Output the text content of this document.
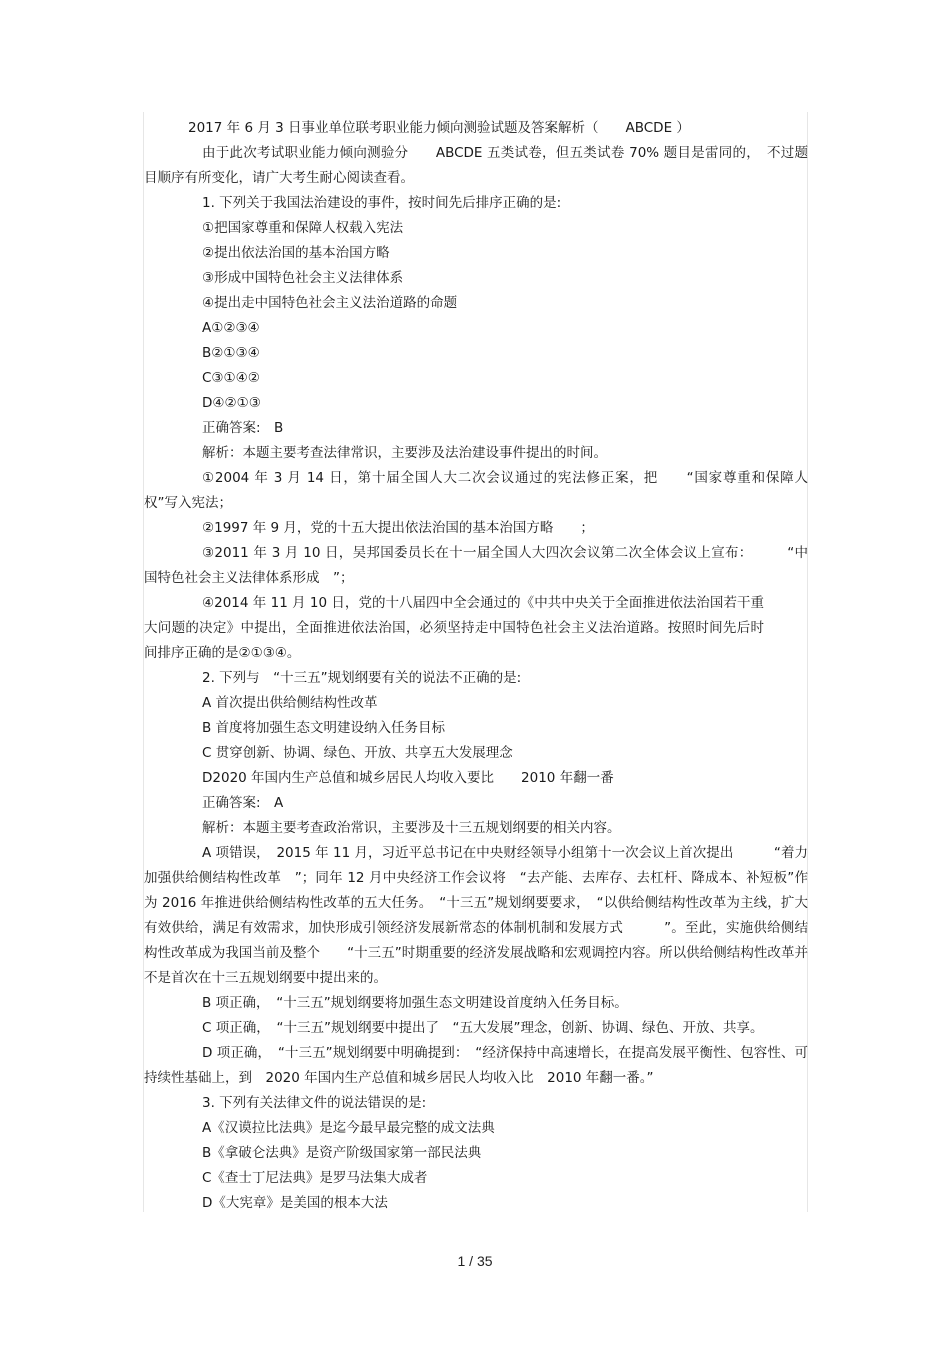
2017 年 6 月 3 日事业单位联考职业能力倾向测验试题及答案解析（　　ABCDE ）
由于此次考试职业能力倾向测验分　　ABCDE 五类试卷，但五类试卷 70% 题目是雷同的，　不过题目顺序有所变化，请广大考生耐心阅读查看。
1. 下列关于我国法治建设的事件，按时间先后排序正确的是:
①把国家尊重和保障人权载入宪法
②提出依法治国的基本治国方略
③形成中国特色社会主义法律体系
④提出走中国特色社会主义法治道路的命题
A①②③④
B②①③④
C③①④②
D④②①③
正确答案:　B
解析：本题主要考查法律常识，主要涉及法治建设事件提出的时间。
①2004 年 3 月 14 日，第十届全国人大二次会议通过的宪法修正案，把　　“国家尊重和保障人权”写入宪法；
②1997 年 9 月，党的十五大提出依法治国的基本治国方略　　；
③2011 年 3 月 10 日，吴邦国委员长在十一届全国人大四次会议第二次全体会议上宣布：　　　“中国特色社会主义法律体系形成　”；
④2014 年 11 月 10 日，党的十八届四中全会通过的《中共中央关于全面推进依法治国若干重大问题的决定》中提出，全面推进依法治国，必须坚持走中国特色社会主义法治道路。按照时间先后时间排序正确的是②①③④。
2. 下列与　“十三五”规划纲要有关的说法不正确的是:
A 首次提出供给侧结构性改革
B 首度将加强生态文明建设纳入任务目标
C 贯穿创新、协调、绿色、开放、共享五大发展理念
D2020 年国内生产总值和城乡居民人均收入要比　　2010 年翻一番
正确答案:　A
解析：本题主要考查政治常识，主要涉及十三五规划纲要的相关内容。
A 项错误，　2015 年 11 月，习近平总书记在中央财经领导小组第十一次会议上首次提出　　　“着力加强供给侧结构性改革　”；同年 12 月中央经济工作会议将　“去产能、去库存、去杠杆、降成本、补短板”作为 2016 年推进供给侧结构性改革的五大任务。　“十三五”规划纲要要求，　“以供给侧结构性改革为主线，扩大有效供给，满足有效需求，加快形成引领经济发展新常态的体制机制和发展方式　　　”。至此，实施供给侧结构性改革成为我国当前及整个　　“十三五”时期重要的经济发展战略和宏观调控内容。所以供给侧结构性改革并不是首次在十三五规划纲要中提出来的。
B 项正确，　“十三五”规划纲要将加强生态文明建设首度纳入任务目标。
C 项正确，　“十三五”规划纲要中提出了　“五大发展”理念，创新、协调、绿色、开放、共享。
D 项正确，　“十三五”规划纲要中明确提到：　“经济保持中高速增长，在提高发展平衡性、包容性、可持续性基础上，到　2020 年国内生产总值和城乡居民人均收入比　2010 年翻一番。”
3. 下列有关法律文件的说法错误的是:
A《汉谟拉比法典》是迄今最早最完整的成文法典
B《拿破仑法典》是资产阶级国家第一部民法典
C《查士丁尼法典》是罗马法集大成者
D《大宪章》是美国的根本大法
1 / 35
